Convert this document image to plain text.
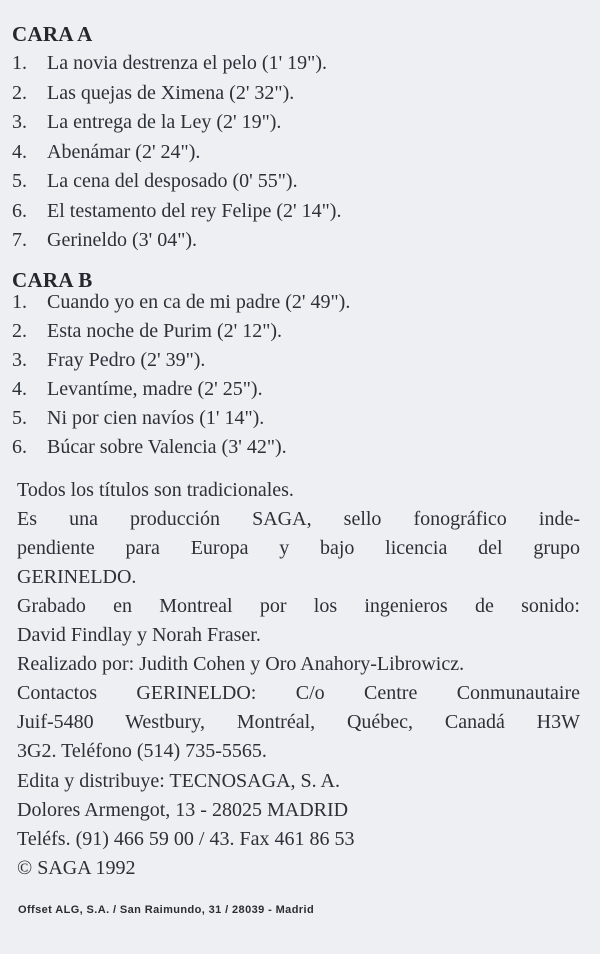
CARA A
1.	La novia destrenza el pelo (1' 19").
2.	Las quejas de Ximena (2' 32").
3.	La entrega de la Ley (2' 19").
4.	Abenámar (2' 24").
5.	La cena del desposado (0' 55").
6.	El testamento del rey Felipe (2' 14").
7.	Gerineldo (3' 04").
CARA B
1.	Cuando yo en ca de mi padre (2' 49").
2.	Esta noche de Purim (2' 12").
3.	Fray Pedro (2' 39").
4.	Levantíme, madre (2' 25").
5.	Ni por cien navíos (1' 14").
6.	Búcar sobre Valencia (3' 42").

Todos los títulos son tradicionales.

Es una producción SAGA, sello fonográfico inde-

pendiente para Europa y bajo licencia del grupo

GERINELDO.

Grabado en Montreal por los ingenieros de sonido:

David Findlay y Norah Fraser.

Realizado por: Judith Cohen y Oro Anahory-Librowicz.

Contactos GERINELDO: C/o Centre Conmunautaire

Juif-5480 Westbury, Montréal, Québec, Canadá H3W

3G2. Teléfono (514) 735-5565.

Edita y distribuye: TECNOSAGA, S. A.

Dolores Armengot, 13 - 28025 MADRID

Teléfs. (91) 466 59 00 / 43. Fax 461 86 53

© SAGA 1992

Offset ALG, S.A. / San Raimundo, 31 / 28039 - Madrid
